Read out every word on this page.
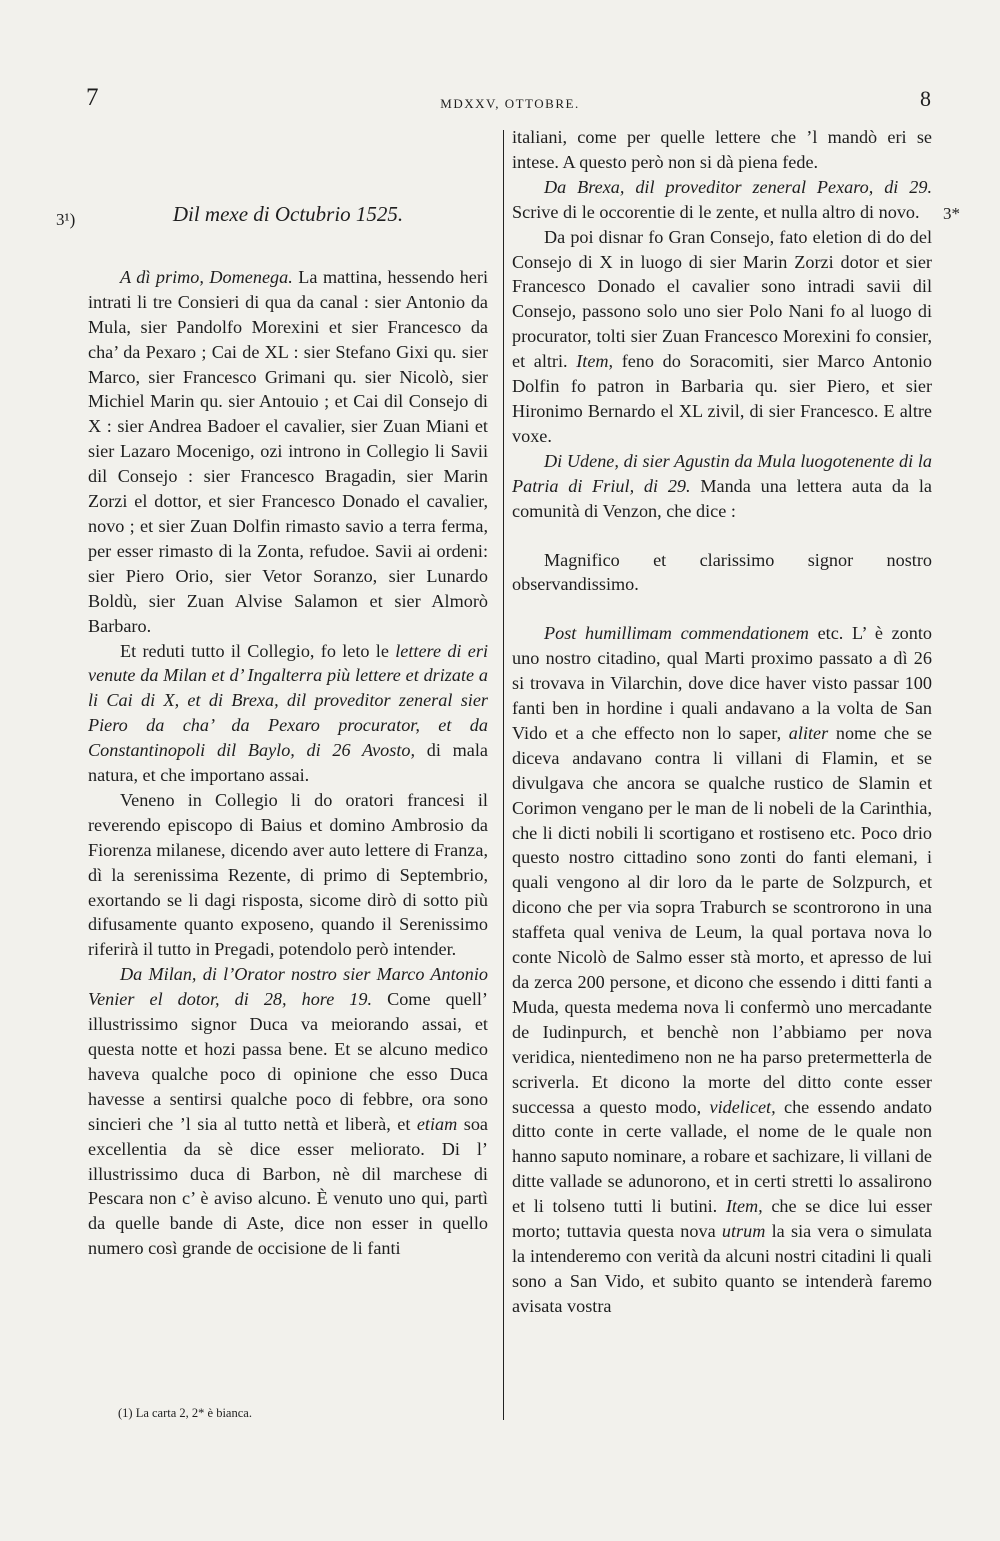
7	MDXXV, OTTOBRE.	8
3¹)	3*

Dil mexe di Octubrio 1525.

A dì primo, Domenega. La mattina, hessendo heri intrati li tre Consieri di qua da canal : sier Antonio da Mula, sier Pandolfo Morexini et sier Francesco da cha’ da Pexaro ; Cai de XL : sier Stefano Gixi qu. sier Marco, sier Francesco Grimani qu. sier Nicolò, sier Michiel Marin qu. sier Antouio ; et Cai dil Consejo di X : sier Andrea Badoer el cavalier, sier Zuan Miani et sier Lazaro Mocenigo, ozi introno in Collegio li Savii dil Consejo : sier Francesco Bragadin, sier Marin Zorzi el dottor, et sier Francesco Donado el cavalier, novo ; et sier Zuan Dolfin rimasto savio a terra ferma, per esser rimasto di la Zonta, refudoe. Savii ai ordeni: sier Piero Orio, sier Vetor Soranzo, sier Lunardo Boldù, sier Zuan Alvise Salamon et sier Almorò Barbaro.

Et reduti tutto il Collegio, fo leto le lettere di eri venute da Milan et d’ Ingalterra più lettere et drizate a li Cai di X, et di Brexa, dil proveditor zeneral sier Piero da cha’ da Pexaro procurator, et da Constantinopoli dil Baylo, di 26 Avosto, di mala natura, et che importano assai.

Veneno in Collegio li do oratori francesi il reverendo episcopo di Baius et domino Ambrosio da Fiorenza milanese, dicendo aver auto lettere di Franza, dì la serenissima Rezente, di primo di Septembrio, exortando se li dagi risposta, sicome dirò di sotto più difusamente quanto exposeno, quando il Serenissimo riferirà il tutto in Pregadi, potendolo però intender.

Da Milan, di l’Orator nostro sier Marco Antonio Venier el dotor, di 28, hore 19. Come quell’ illustrissimo signor Duca va meiorando assai, et questa notte et hozi passa bene. Et se alcuno medico haveva qualche poco di opinione che esso Duca havesse a sentirsi qualche poco di febbre, ora sono sincieri che ’l sia al tutto nettà et liberà, et etiam soa excellentia da sè dice esser meliorato. Di l’ illustrissimo duca di Barbon, nè dil marchese di Pescara non c’ è aviso alcuno. È venuto uno qui, partì da quelle bande di Aste, dice non esser in quello numero così grande de occisione de li fanti

italiani, come per quelle lettere che ’l mandò eri se intese. A questo però non si dà piena fede.

Da Brexa, dil proveditor zeneral Pexaro, di 29. Scrive di le occorentie di le zente, et nulla altro di novo.

Da poi disnar fo Gran Consejo, fato eletion di do del Consejo di X in luogo di sier Marin Zorzi dotor et sier Francesco Donado el cavalier sono intradi savii dil Consejo, passono solo uno sier Polo Nani fo al luogo di procurator, tolti sier Zuan Francesco Morexini fo consier, et altri. Item, feno do Soracomiti, sier Marco Antonio Dolfin fo patron in Barbaria qu. sier Piero, et sier Hironimo Bernardo el XL zivil, di sier Francesco. E altre voxe.

Di Udene, di sier Agustin da Mula luogotenente di la Patria di Friul, di 29. Manda una lettera auta da la comunità di Venzon, che dice :

Magnifico et clarissimo signor nostro observandissimo.

Post humillimam commendationem etc. L’ è zonto uno nostro citadino, qual Marti proximo passato a dì 26 si trovava in Vilarchin, dove dice haver visto passar 100 fanti ben in hordine i quali andavano a la volta de San Vido et a che effecto non lo saper, aliter nome che se diceva andavano contra li villani di Flamin, et se divulgava che ancora se qualche rustico de Slamin et Corimon vengano per le man de li nobeli de la Carinthia, che li dicti nobili li scortigano et rostiseno etc. Poco drio questo nostro cittadino sono zonti do fanti elemani, i quali vengono al dir loro da le parte de Solzpurch, et dicono che per via sopra Traburch se scontrorono in una staffeta qual veniva de Leum, la qual portava nova lo conte Nicolò de Salmo esser stà morto, et apresso de lui da zerca 200 persone, et dicono che essendo i ditti fanti a Muda, questa medema nova li confermò uno mercadante de Iudinpurch, et benchè non l’abbiamo per nova veridica, nientedimeno non ne ha parso pretermetterla de scriverla. Et dicono la morte del ditto conte esser successa a questo modo, videlicet, che essendo andato ditto conte in certe vallade, el nome de le quale non hanno saputo nominare, a robare et sachizare, li villani de ditte vallade se adunorono, et in certi stretti lo assalirono et li tolseno tutti li butini. Item, che se dice lui esser morto; tuttavia questa nova utrum la sia vera o simulata la intenderemo con verità da alcuni nostri citadini li quali sono a San Vido, et subito quanto se intenderà faremo avisata vostra

(1) La carta 2, 2* è bianca.
